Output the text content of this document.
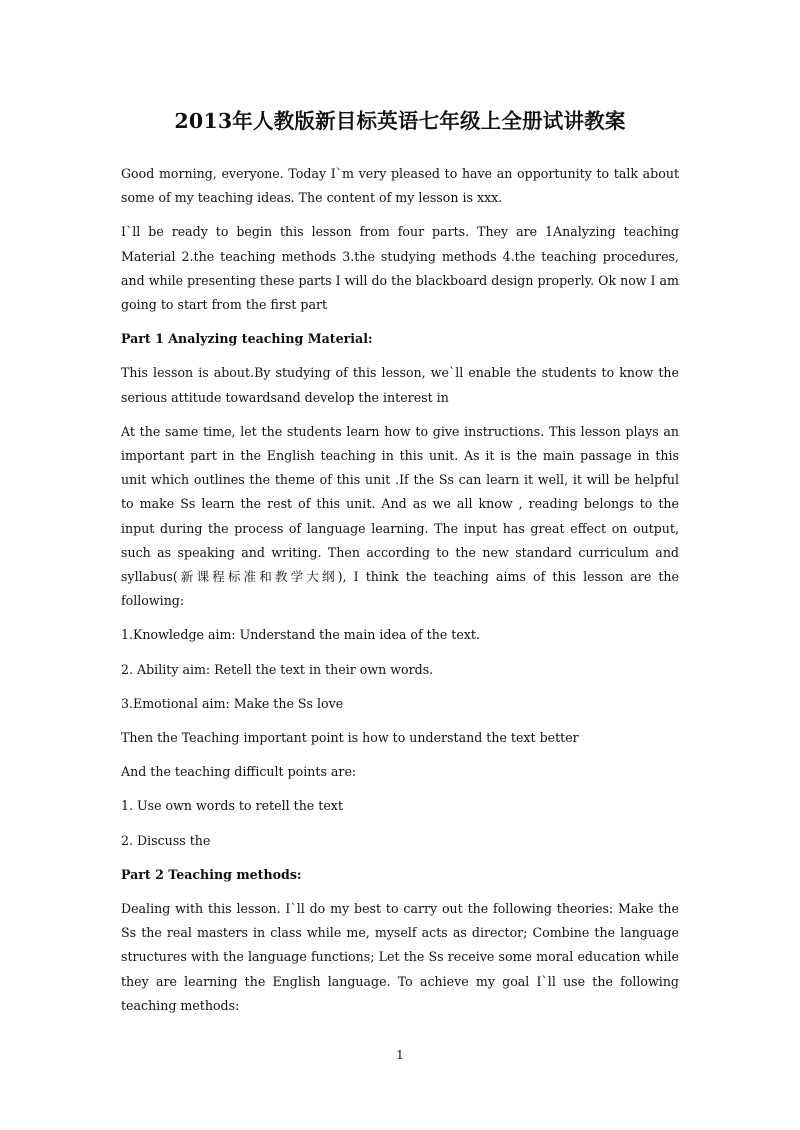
2013年人教版新目标英语七年级上全册试讲教案

Good morning, everyone. Today I`m very pleased to have an opportunity to talk about some of my teaching ideas. The content of my lesson is xxx.

I`ll be ready to begin this lesson from four parts. They are 1Analyzing teaching Material 2.the teaching methods 3.the studying methods 4.the teaching procedures, and while presenting these parts I will do the blackboard design properly. Ok now I am going to start from the first part

Part 1 Analyzing teaching Material:

This lesson is about.By studying of this lesson, we`ll enable the students to know the serious attitude towardsand develop the interest in

At the same time, let the students learn how to give instructions. This lesson plays an important part in the English teaching in this unit. As it is the main passage in this unit which outlines the theme of this unit .If the Ss can learn it well, it will be helpful to make Ss learn the rest of this unit. And as we all know , reading belongs to the input during the process of language learning. The input has great effect on output, such as speaking and writing. Then according to the new standard curriculum and syllabus(新课程标准和教学大纲), I think the teaching aims of this lesson are the following:

1.Knowledge aim: Understand the main idea of the text.

2. Ability aim: Retell the text in their own words.

3.Emotional aim: Make the Ss love

Then the Teaching important point is how to understand the text better

And the teaching difficult points are:

1. Use own words to retell the text

2. Discuss the

Part 2 Teaching methods:

Dealing with this lesson. I`ll do my best to carry out the following theories: Make the Ss the real masters in class while me, myself acts as director; Combine the language structures with the language functions; Let the Ss receive some moral education while they are learning the English language. To achieve my goal I`ll use the following teaching methods:

1
